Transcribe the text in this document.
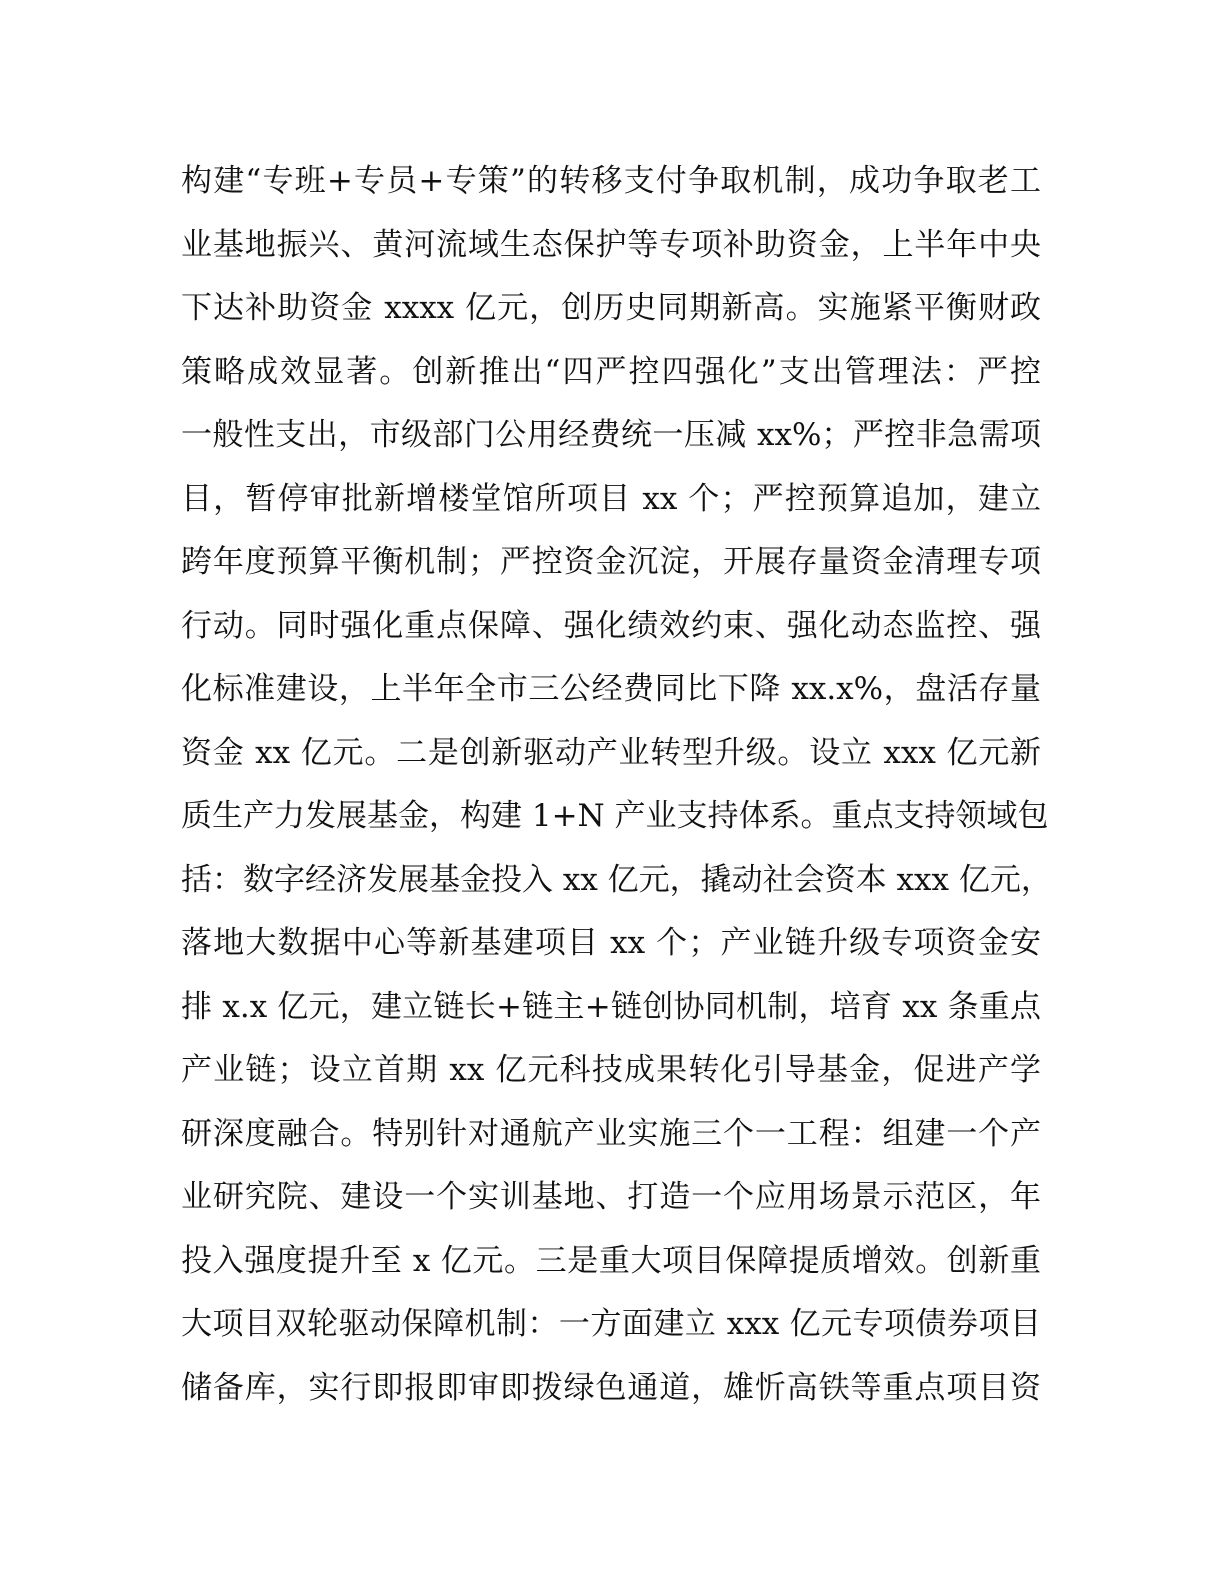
构建“专班+专员+专策”的转移支付争取机制，成功争取老工
业基地振兴、黄河流域生态保护等专项补助资金，上半年中央
下达补助资金 xxxx 亿元，创历史同期新高。实施紧平衡财政
策略成效显著。创新推出“四严控四强化”支出管理法：严控
一般性支出，市级部门公用经费统一压减 xx%；严控非急需项
目，暂停审批新增楼堂馆所项目 xx 个；严控预算追加，建立
跨年度预算平衡机制；严控资金沉淀，开展存量资金清理专项
行动。同时强化重点保障、强化绩效约束、强化动态监控、强
化标准建设，上半年全市三公经费同比下降 xx.x%，盘活存量
资金 xx 亿元。二是创新驱动产业转型升级。设立 xxx 亿元新
质生产力发展基金，构建 1+N 产业支持体系。重点支持领域包
括：数字经济发展基金投入 xx 亿元，撬动社会资本 xxx 亿元，
落地大数据中心等新基建项目 xx 个；产业链升级专项资金安
排 x.x 亿元，建立链长+链主+链创协同机制，培育 xx 条重点
产业链；设立首期 xx 亿元科技成果转化引导基金，促进产学
研深度融合。特别针对通航产业实施三个一工程：组建一个产
业研究院、建设一个实训基地、打造一个应用场景示范区，年
投入强度提升至 x 亿元。三是重大项目保障提质增效。创新重
大项目双轮驱动保障机制：一方面建立 xxx 亿元专项债券项目
储备库，实行即报即审即拨绿色通道，雄忻高铁等重点项目资
